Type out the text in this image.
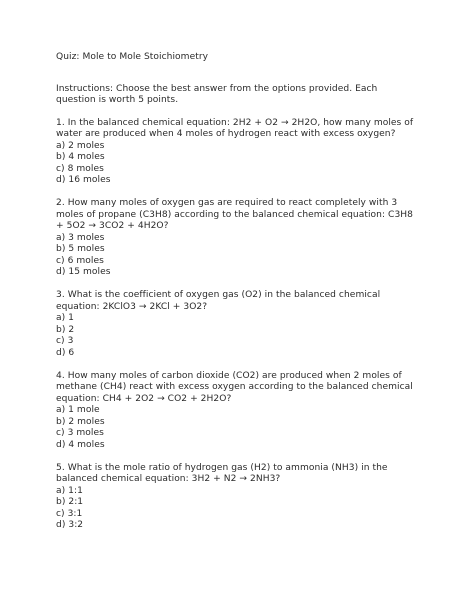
Quiz: Mole to Mole Stoichiometry

Instructions: Choose the best answer from the options provided. Each question is worth 5 points.

1. In the balanced chemical equation: 2H2 + O2 → 2H2O, how many moles of water are produced when 4 moles of hydrogen react with excess oxygen?

a) 2 moles
b) 4 moles
c) 8 moles
d) 16 moles

2. How many moles of oxygen gas are required to react completely with 3 moles of propane (C3H8) according to the balanced chemical equation: C3H8 + 5O2 → 3CO2 + 4H2O?

a) 3 moles
b) 5 moles
c) 6 moles
d) 15 moles

3. What is the coefficient of oxygen gas (O2) in the balanced chemical equation: 2KClO3 → 2KCl + 3O2?

a) 1
b) 2
c) 3
d) 6

4. How many moles of carbon dioxide (CO2) are produced when 2 moles of methane (CH4) react with excess oxygen according to the balanced chemical equation: CH4 + 2O2 → CO2 + 2H2O?

a) 1 mole
b) 2 moles
c) 3 moles
d) 4 moles

5. What is the mole ratio of hydrogen gas (H2) to ammonia (NH3) in the balanced chemical equation: 3H2 + N2 → 2NH3?

a) 1:1
b) 2:1
c) 3:1
d) 3:2
